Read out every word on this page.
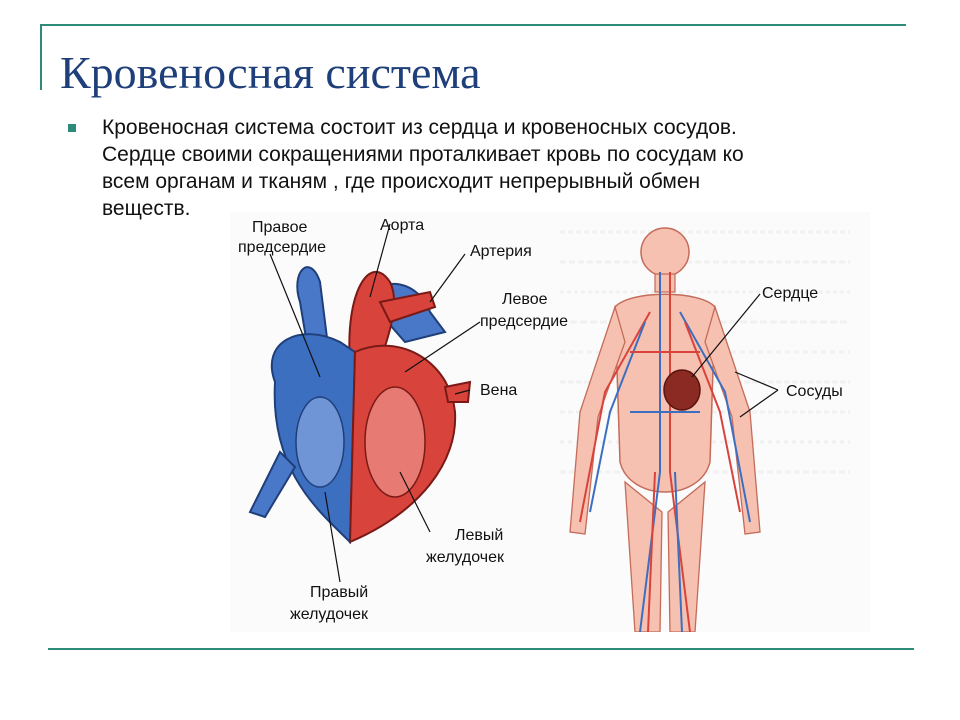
Кровеносная система
Кровеносная система состоит из сердца и кровеносных сосудов.
Сердце своими сокращениями проталкивает кровь по сосудам ко
всем органам и тканям , где происходит непрерывный обмен
веществ.
Правое
предсердие
Аорта
Артерия
Левое
предсердие
Вена
Левый
желудочек
Правый
желудочек
Сердце
Сосуды
